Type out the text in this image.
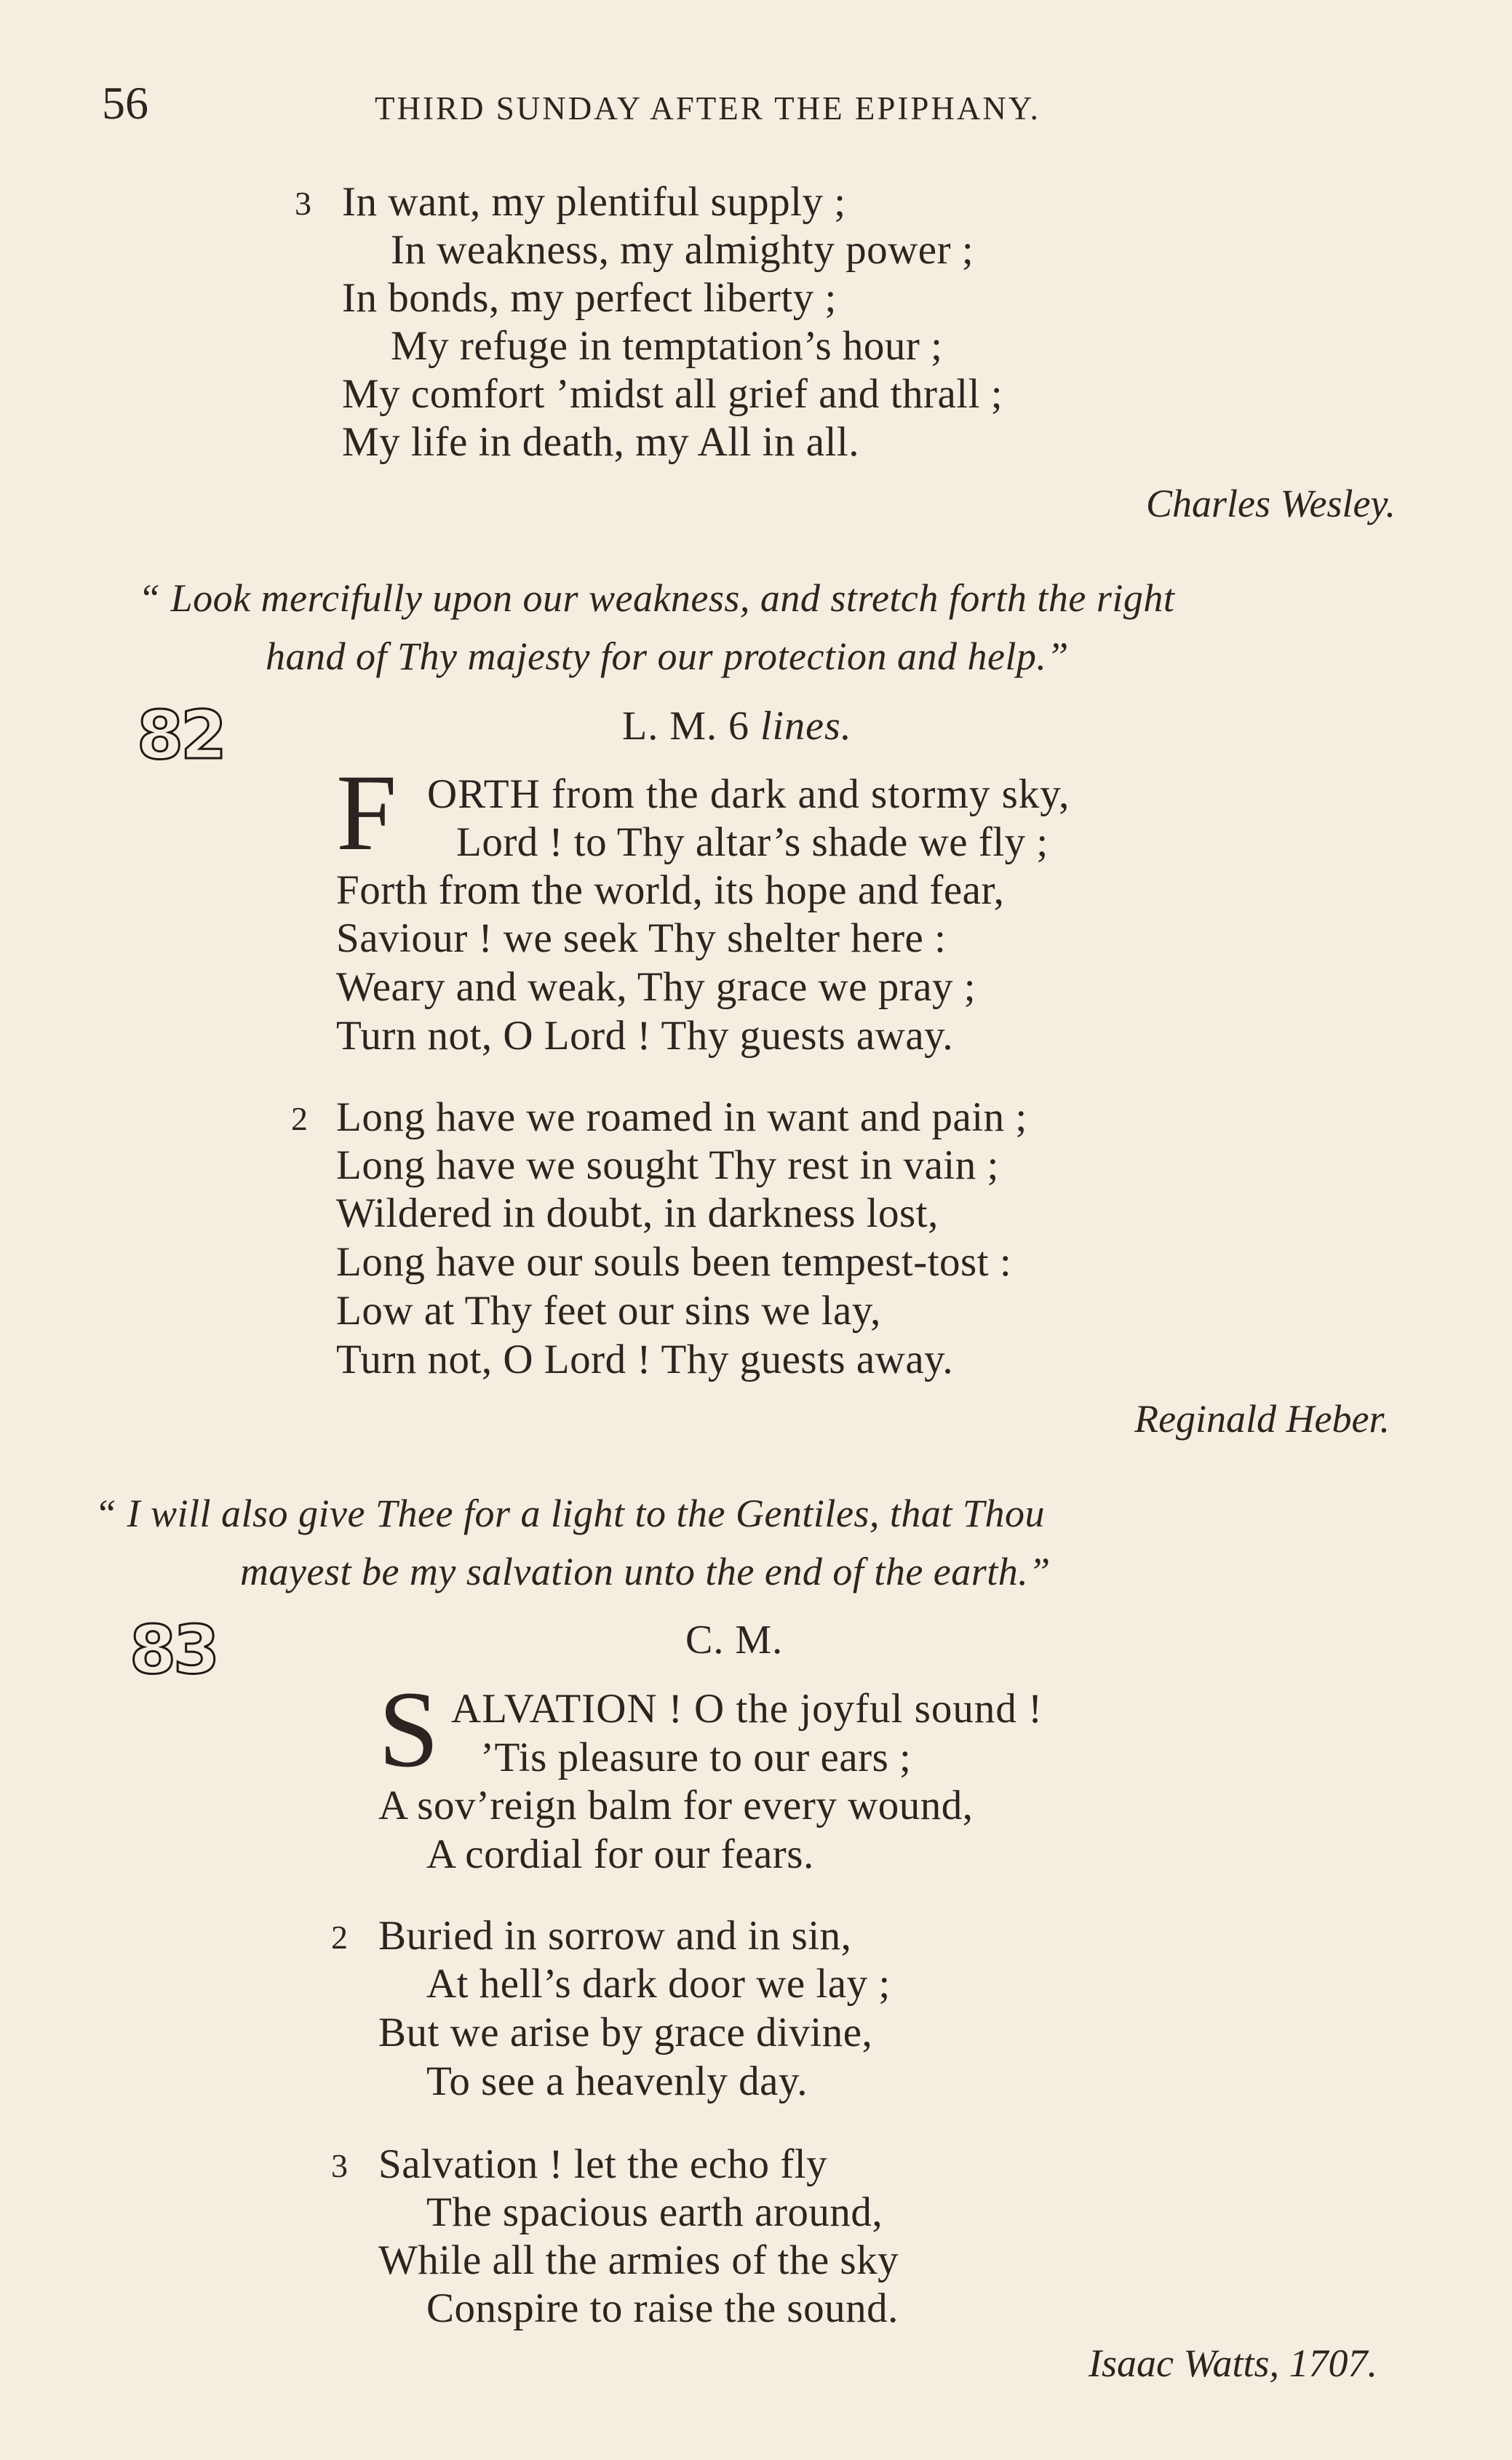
56	THIRD SUNDAY AFTER THE EPIPHANY.
3 In want, my plentiful supply ;
In weakness, my almighty power ;
In bonds, my perfect liberty ;
My refuge in temptation’s hour ;
My comfort ’midst all grief and thrall ;
My life in death, my All in all.
Charles Wesley.
“ Look mercifully upon our weakness, and stretch forth the right
hand of Thy majesty for our protection and help.”
82	L. M. 6 lines.
F ORTH from the dark and stormy sky,
Lord ! to Thy altar’s shade we fly ;
Forth from the world, its hope and fear,
Saviour ! we seek Thy shelter here :
Weary and weak, Thy grace we pray ;
Turn not, O Lord ! Thy guests away.
2 Long have we roamed in want and pain ;
Long have we sought Thy rest in vain ;
Wildered in doubt, in darkness lost,
Long have our souls been tempest-tost :
Low at Thy feet our sins we lay,
Turn not, O Lord ! Thy guests away.
Reginald Heber.
“ I will also give Thee for a light to the Gentiles, that Thou
mayest be my salvation unto the end of the earth.”
83	C. M.
S ALVATION ! O the joyful sound !
’Tis pleasure to our ears ;
A sov’reign balm for every wound,
A cordial for our fears.
2 Buried in sorrow and in sin,
At hell’s dark door we lay ;
But we arise by grace divine,
To see a heavenly day.
3 Salvation ! let the echo fly
The spacious earth around,
While all the armies of the sky
Conspire to raise the sound.
Isaac Watts, 1707.
